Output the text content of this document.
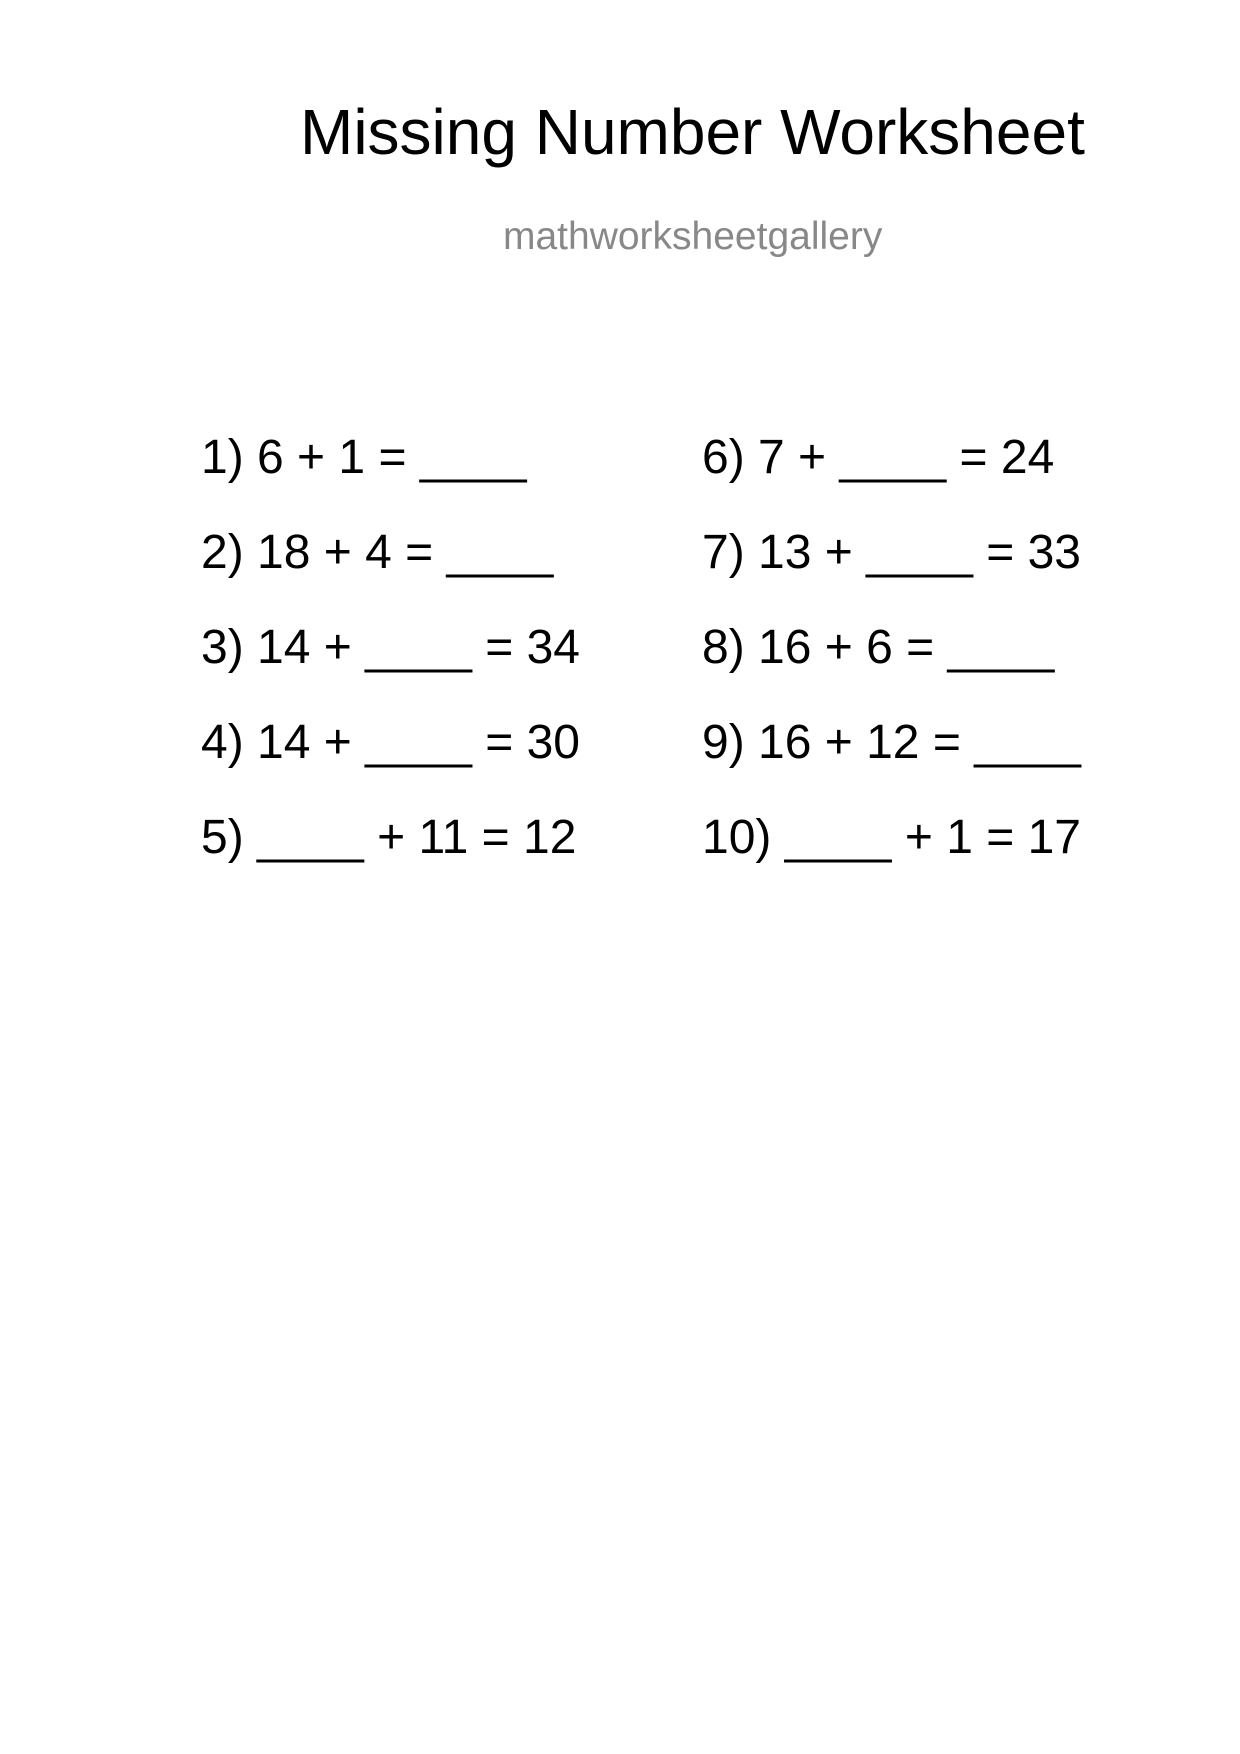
Missing Number Worksheet
mathworksheetgallery
1) 6 + 1 = ____
2) 18 + 4 = ____
3) 14 + ____ = 34
4) 14 + ____ = 30
5) ____ + 11 = 12
6) 7 + ____ = 24
7) 13 + ____ = 33
8) 16 + 6 = ____
9) 16 + 12 = ____
10) ____ + 1 = 17
